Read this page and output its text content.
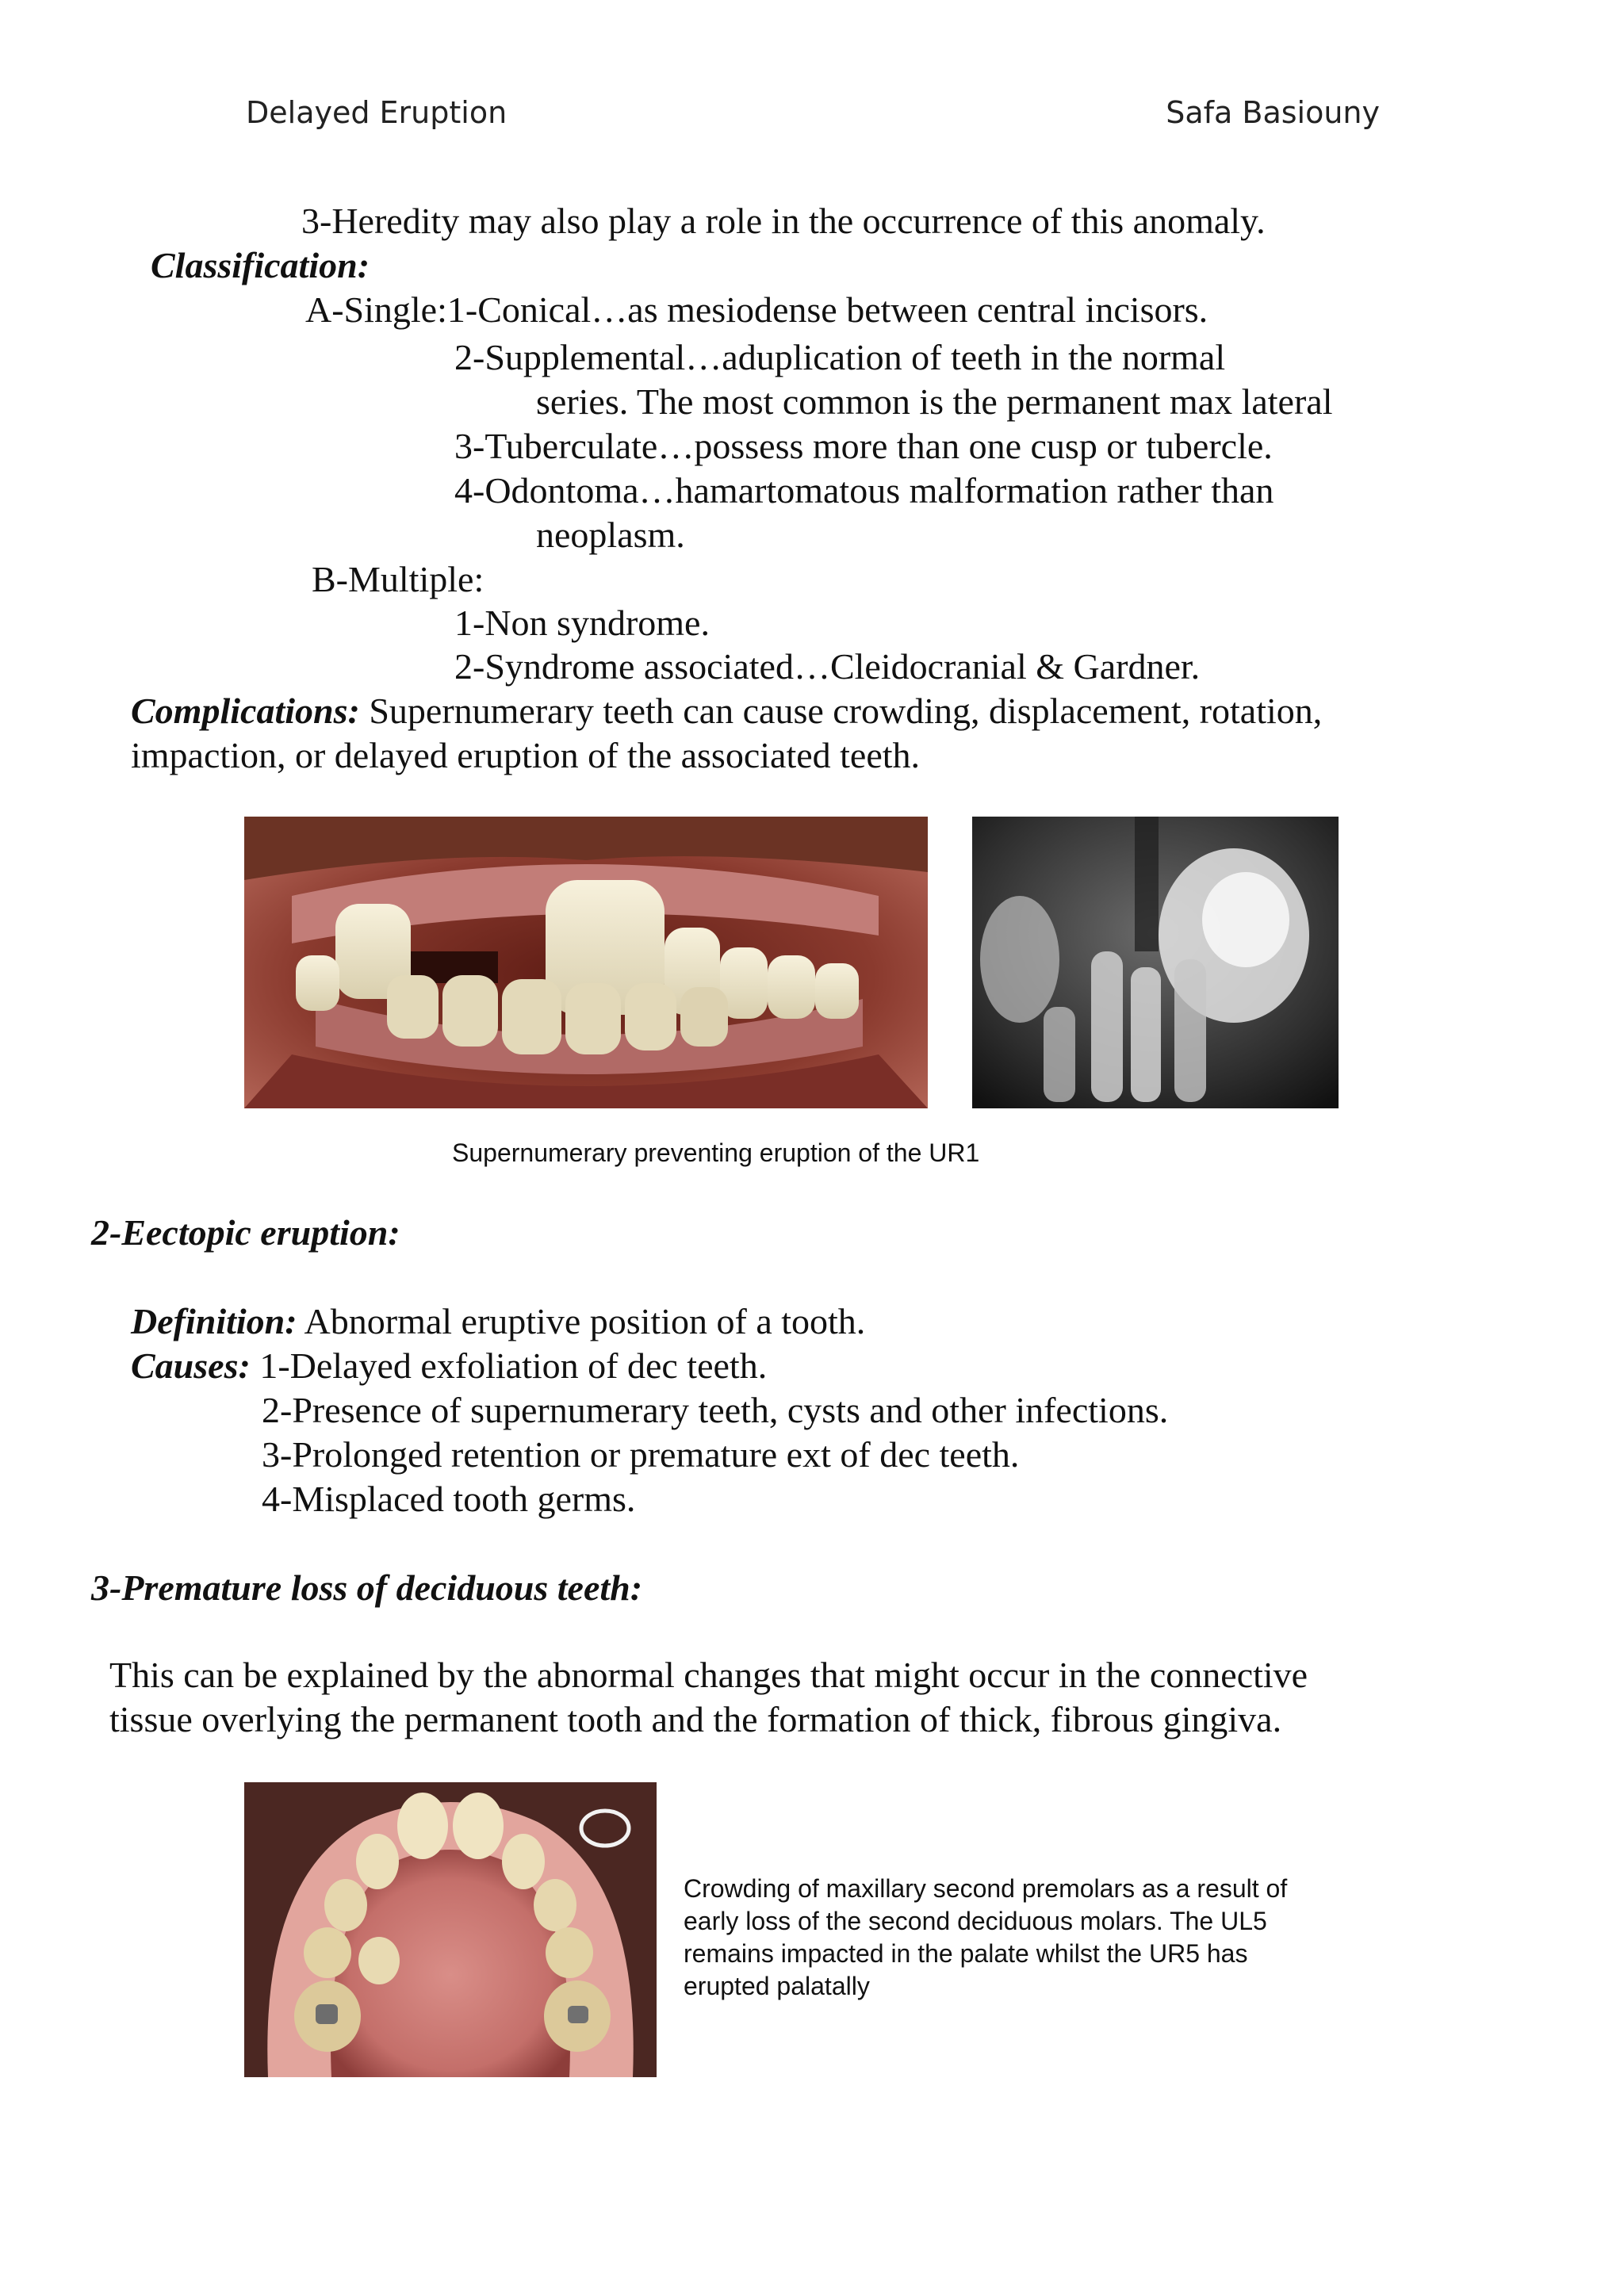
Delayed Eruption	Safa Basiouny
3-Heredity may also play a role in the occurrence of this anomaly.
Classification:
A-Single:1-Conical…as mesiodense between central incisors.
2-Supplemental…aduplication of teeth in the normal
series. The most common is the permanent max lateral
3-Tuberculate…possess more than one cusp or tubercle.
4-Odontoma…hamartomatous malformation rather than
neoplasm.
B-Multiple:
1-Non syndrome.
2-Syndrome associated…Cleidocranial & Gardner.
Complications: Supernumerary teeth can cause crowding, displacement, rotation,
impaction, or delayed eruption of the associated teeth.
Supernumerary preventing eruption of the UR1
2-Eectopic eruption:
Definition: Abnormal eruptive position of a tooth.
Causes: 1-Delayed exfoliation of dec teeth.
2-Presence of supernumerary teeth, cysts and other infections.
3-Prolonged retention or premature ext of dec teeth.
4-Misplaced tooth germs.
3-Premature loss of deciduous teeth:
This can be explained by the abnormal changes that might occur in the connective
tissue overlying the permanent tooth and the formation of thick, fibrous gingiva.
Crowding of maxillary second premolars as a result of
early loss of the second deciduous molars. The UL5
remains impacted in the palate whilst the UR5 has
erupted palatally
